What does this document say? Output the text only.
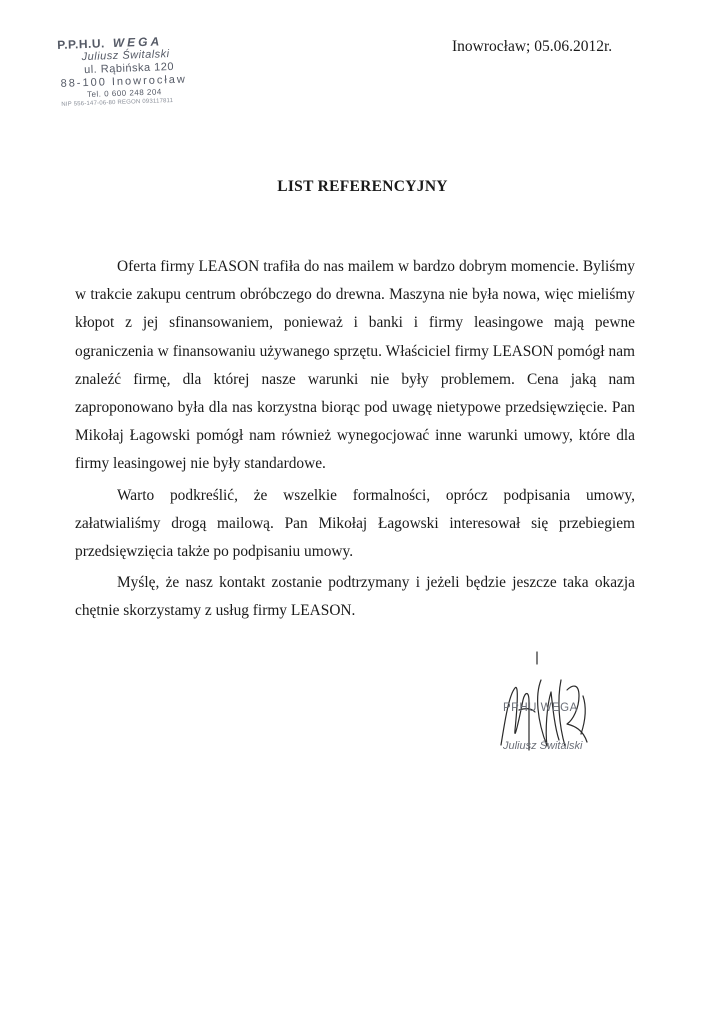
P.P.H.U. WEGA
Juliusz Świtalski
ul. Rąbińska 120
88-100 Inowrocław
Tel. 0 600 248 204
NIP 556-147-06-80 REGON 093117811
Inowrocław; 05.06.2012r.
LIST REFERENCYJNY

Oferta firmy LEASON trafiła do nas mailem w bardzo dobrym momencie. Byliśmy w trakcie zakupu centrum obróbczego do drewna. Maszyna nie była nowa, więc mieliśmy kłopot z jej sfinansowaniem, ponieważ i banki i firmy leasingowe mają pewne ograniczenia w finansowaniu używanego sprzętu. Właściciel firmy LEASON pomógł nam znaleźć firmę, dla której nasze warunki nie były problemem. Cena jaką nam zaproponowano była dla nas korzystna biorąc pod uwagę nietypowe przedsięwzięcie. Pan Mikołaj Łagowski pomógł nam również wynegocjować inne warunki umowy, które dla firmy leasingowej nie były standardowe.

Warto podkreślić, że wszelkie formalności, oprócz podpisania umowy, załatwialiśmy drogą mailową. Pan Mikołaj Łagowski interesował się przebiegiem przedsięwzięcia także po podpisaniu umowy.

Myślę, że nasz kontakt zostanie podtrzymany i jeżeli będzie jeszcze taka okazja chętnie skorzystamy z usług firmy LEASON.

PPHU WEGA
Juliusz Świtalski
